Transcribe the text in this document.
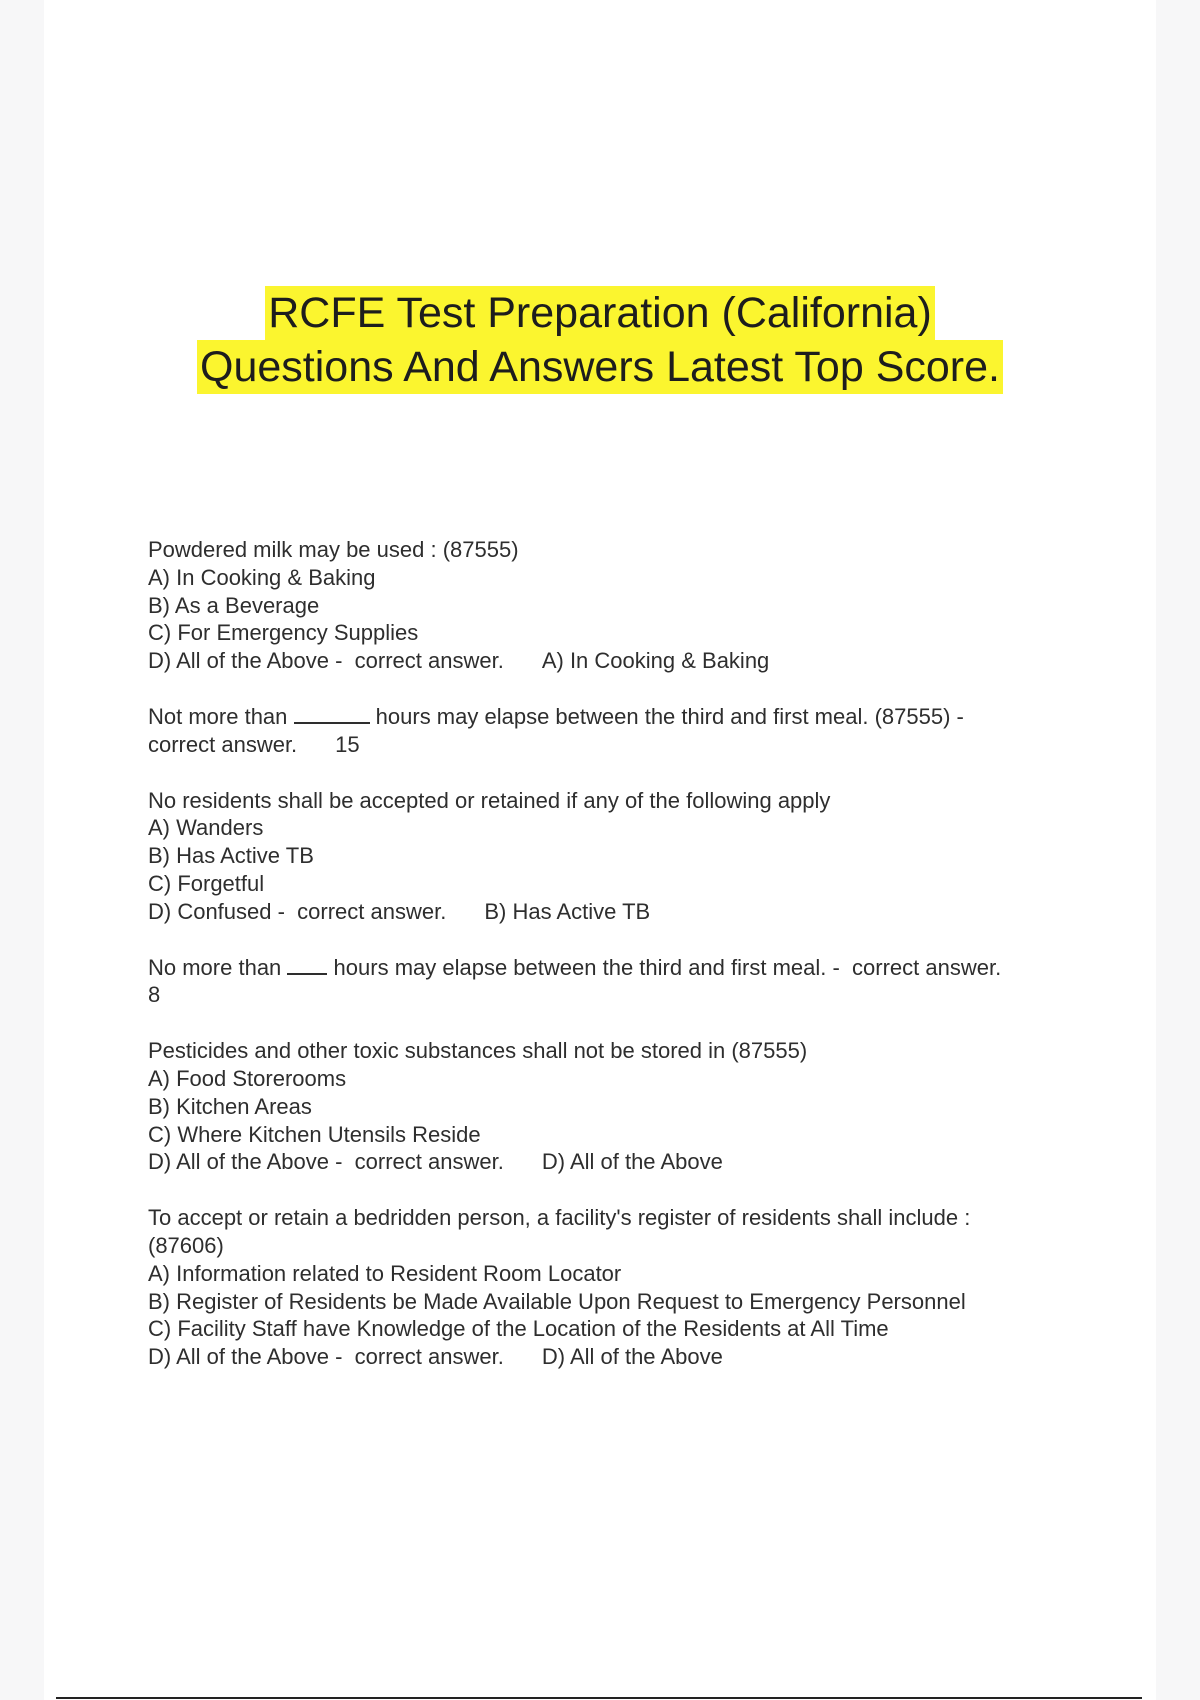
RCFE Test Preparation (California)
Questions And Answers Latest Top Score.
Powdered milk may be used : (87555)
A) In Cooking & Baking
B) As a Beverage
C) For Emergency Supplies
D) All of the Above -  correct answer. A) In Cooking & Baking
Not more than	hours may elapse between the third and first meal. (87555) -
correct answer. 15
No residents shall be accepted or retained if any of the following apply
A) Wanders
B) Has Active TB
C) Forgetful
D) Confused -  correct answer. B) Has Active TB
No more than hours may elapse between the third and first meal. -  correct answer.
8
Pesticides and other toxic substances shall not be stored in (87555)
A) Food Storerooms
B) Kitchen Areas
C) Where Kitchen Utensils Reside
D) All of the Above -  correct answer. D) All of the Above
To accept or retain a bedridden person, a facility's register of residents shall include :
(87606)
A) Information related to Resident Room Locator
B) Register of Residents be Made Available Upon Request to Emergency Personnel
C) Facility Staff have Knowledge of the Location of the Residents at All Time
D) All of the Above -  correct answer. D) All of the Above
